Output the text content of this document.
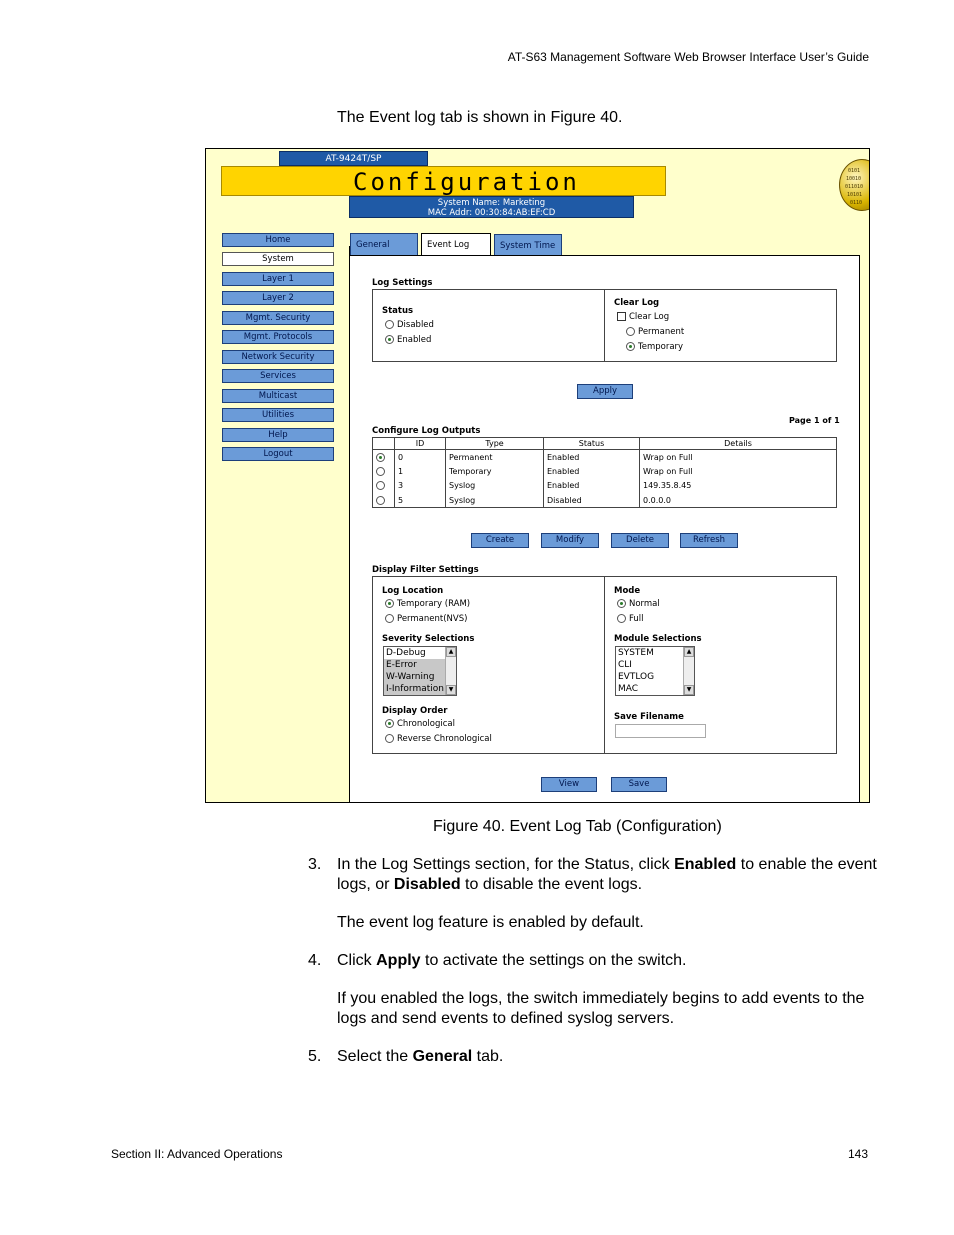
AT-S63 Management Software Web Browser Interface User’s Guide
The Event log tab is shown in Figure 40.
AT-9424T/SP
Configuration	0101
10010
011010
10101
0110
System Name: Marketing
MAC Addr: 00:30:84:AB:EF:CD
Home
System
Layer 1
Layer 2
Mgmt. Security
Mgmt. Protocols
Network Security
Services
Multicast
Utilities
Help
Logout
General	Event Log	System Time
Log Settings
Status
Disabled
Enabled
Clear Log
Clear Log
Permanent
Temporary
Apply
Page 1 of 1
Configure Log Outputs
	ID	Type	Status	Details
	0	Permanent	Enabled	Wrap on Full
	1	Temporary	Enabled	Wrap on Full
	3	Syslog	Enabled	149.35.8.45
	5	Syslog	Disabled	0.0.0.0
Create	Modify	Delete	Refresh
Display Filter Settings
Log Location
Temporary (RAM)
Permanent(NVS)
Severity Selections
D-Debug
E-Error
W-Warning
I-Information
▲
▼
Display Order
Chronological
Reverse Chronological
Mode
Normal
Full
Module Selections
SYSTEM
CLI
EVTLOG
MAC
▲
▼
Save Filename
View	Save
Figure 40. Event Log Tab (Configuration)
3. In the Log Settings section, for the Status, click Enabled to enable the event logs, or Disabled to disable the event logs.

The event log feature is enabled by default.

4. Click Apply to activate the settings on the switch.

If you enabled the logs, the switch immediately begins to add events to the logs and send events to defined syslog servers.

5. Select the General tab.

Section II: Advanced Operations	143
